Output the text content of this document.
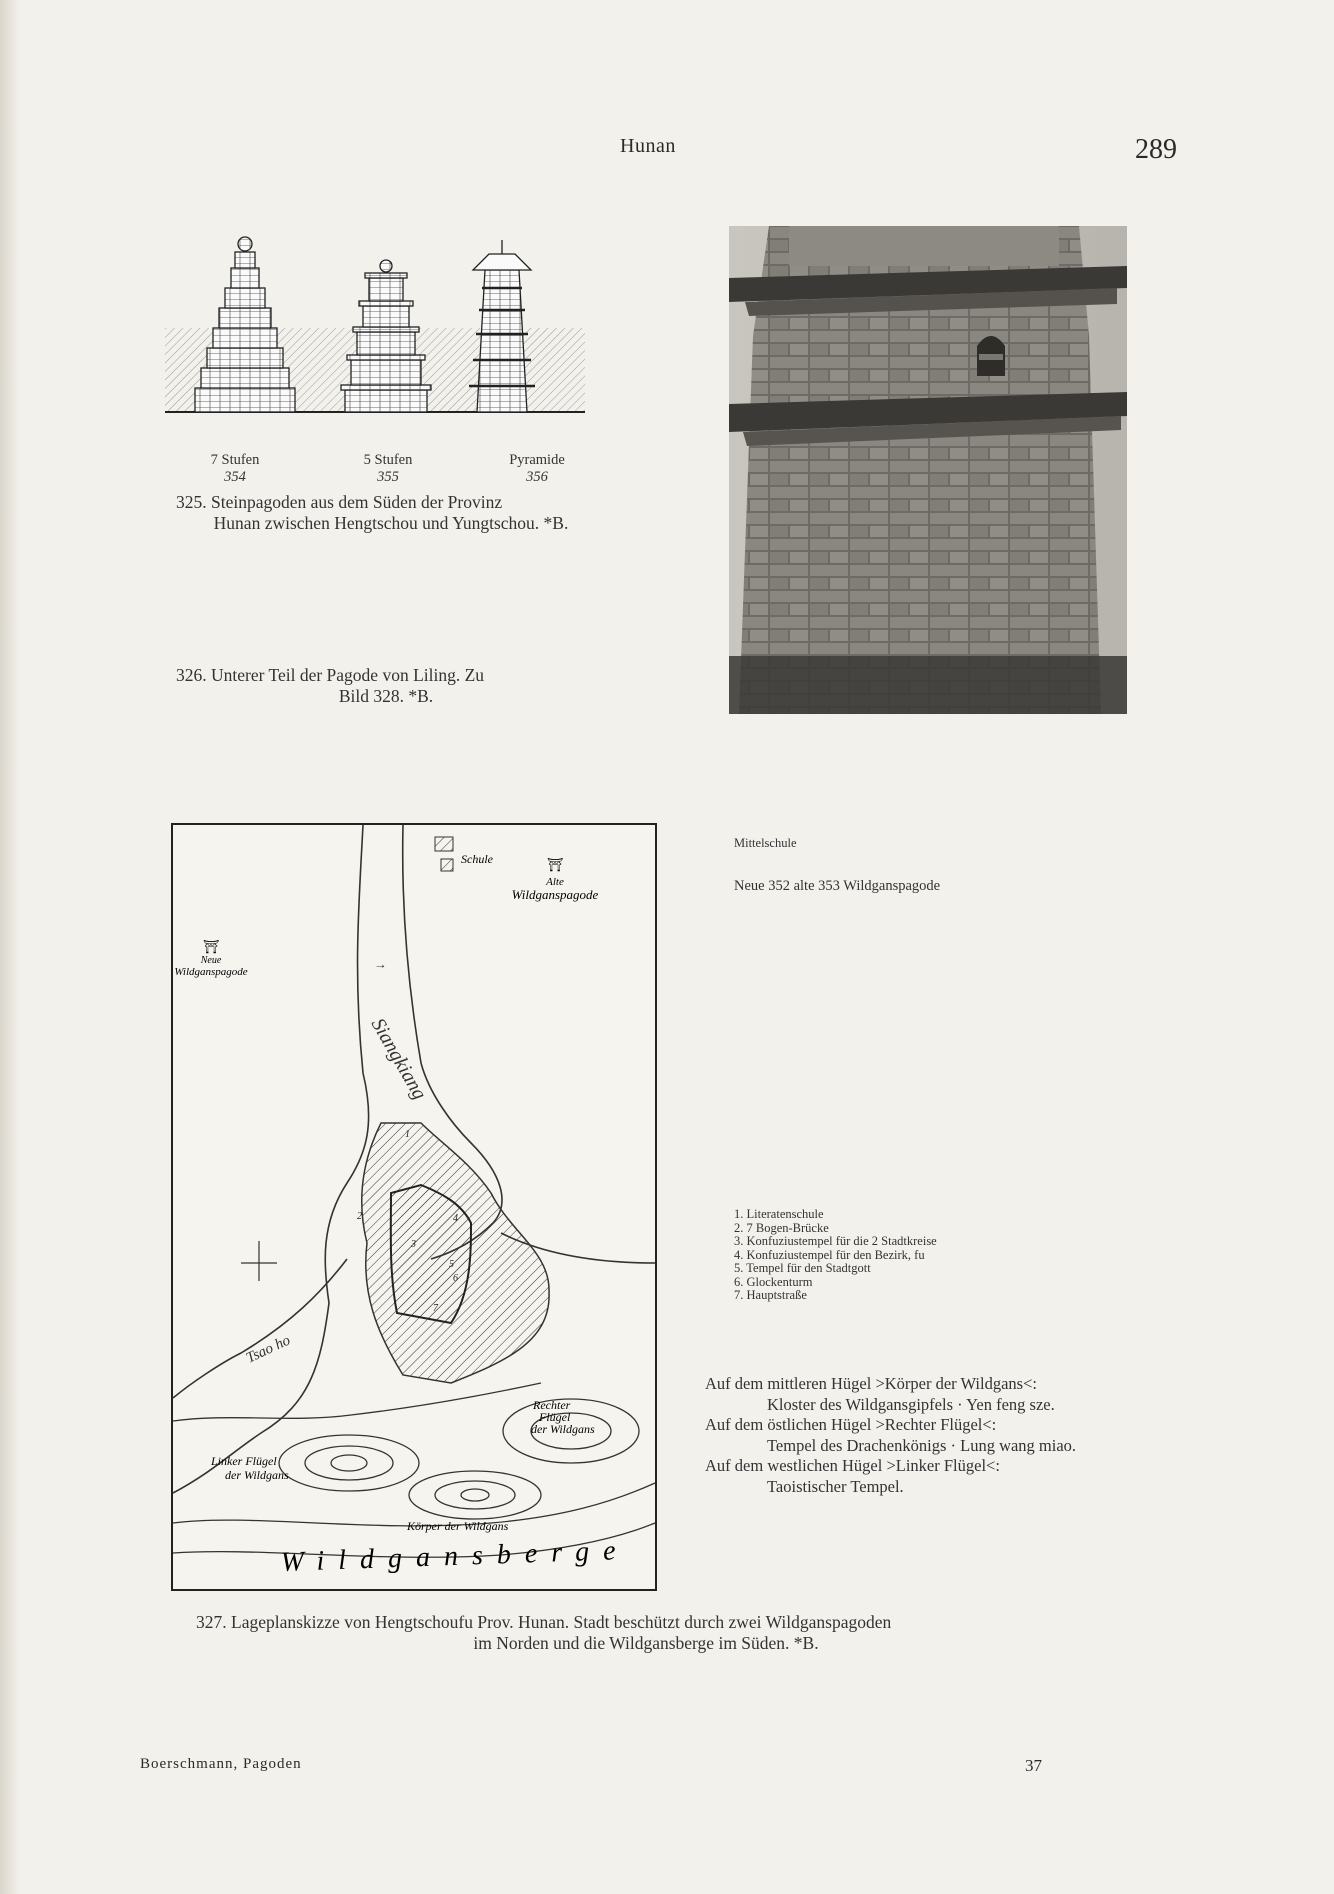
Hunan	289
7 Stufen
354
5 Stufen
355
Pyramide
356
325. Steinpagoden aus dem Süden der Provinz
Hunan zwischen Hengtschou und Yungtschou. *B.
326. Unterer Teil der Pagode von Liling. Zu
Bild 328. *B.
↑
Siangkiang
Tsao ho
Schule	⛩
Alte
Wildganspagode
⛩
Neue
Wildganspagode
1
2
3
4
5
6
7
Rechter
Flügel
der Wildgans
Linker Flügel
der Wildgans
Körper der Wildgans
Wildgansberge
Mittelschule
Neue 352 alte 353 Wildganspagode
1. Literatenschule
2. 7 Bogen-Brücke
3. Konfuziustempel für die 2 Stadtkreise
4. Konfuziustempel für den Bezirk, fu
5. Tempel für den Stadtgott
6. Glockenturm
7. Hauptstraße
Auf dem mittleren Hügel >Körper der Wildgans<:
Kloster des Wildgansgipfels · Yen feng sze.
Auf dem östlichen Hügel >Rechter Flügel<:
Tempel des Drachenkönigs · Lung wang miao.
Auf dem westlichen Hügel >Linker Flügel<:
Taoistischer Tempel.
327. Lageplanskizze von Hengtschoufu Prov. Hunan. Stadt beschützt durch zwei Wildganspagoden
im Norden und die Wildgansberge im Süden. *B.
Boerschmann, Pagoden	37
